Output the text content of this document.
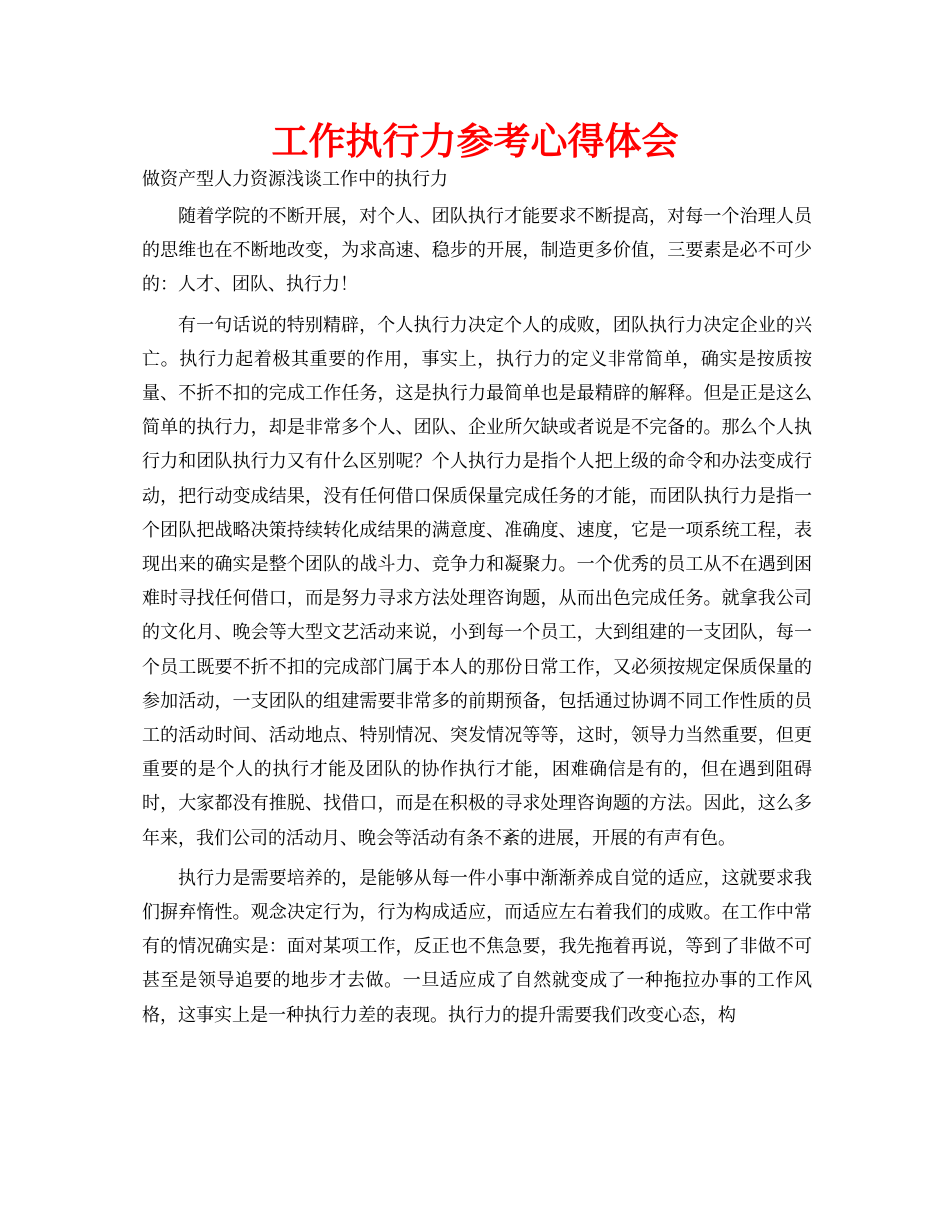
工作执行力参考心得体会

做资产型人力资源浅谈工作中的执行力

随着学院的不断开展，对个人、团队执行才能要求不断提高，对每一个治理人员的思维也在不断地改变，为求高速、稳步的开展，制造更多价值，三要素是必不可少的：人才、团队、执行力！

有一句话说的特别精辟，个人执行力决定个人的成败，团队执行力决定企业的兴亡。执行力起着极其重要的作用，事实上，执行力的定义非常简单，确实是按质按量、不折不扣的完成工作任务，这是执行力最简单也是最精辟的解释。但是正是这么简单的执行力，却是非常多个人、团队、企业所欠缺或者说是不完备的。那么个人执行力和团队执行力又有什么区别呢？个人执行力是指个人把上级的命令和办法变成行动，把行动变成结果，没有任何借口保质保量完成任务的才能，而团队执行力是指一个团队把战略决策持续转化成结果的满意度、准确度、速度，它是一项系统工程，表现出来的确实是整个团队的战斗力、竞争力和凝聚力。一个优秀的员工从不在遇到困难时寻找任何借口，而是努力寻求方法处理咨询题，从而出色完成任务。就拿我公司的文化月、晚会等大型文艺活动来说，小到每一个员工，大到组建的一支团队，每一个员工既要不折不扣的完成部门属于本人的那份日常工作，又必须按规定保质保量的参加活动，一支团队的组建需要非常多的前期预备，包括通过协调不同工作性质的员工的活动时间、活动地点、特别情况、突发情况等等，这时，领导力当然重要，但更重要的是个人的执行才能及团队的协作执行才能，困难确信是有的，但在遇到阻碍时，大家都没有推脱、找借口，而是在积极的寻求处理咨询题的方法。因此，这么多年来，我们公司的活动月、晚会等活动有条不紊的进展，开展的有声有色。

执行力是需要培养的，是能够从每一件小事中渐渐养成自觉的适应，这就要求我们摒弃惰性。观念决定行为，行为构成适应，而适应左右着我们的成败。在工作中常有的情况确实是：面对某项工作，反正也不焦急要，我先拖着再说，等到了非做不可甚至是领导追要的地步才去做。一旦适应成了自然就变成了一种拖拉办事的工作风格，这事实上是一种执行力差的表现。执行力的提升需要我们改变心态，构
